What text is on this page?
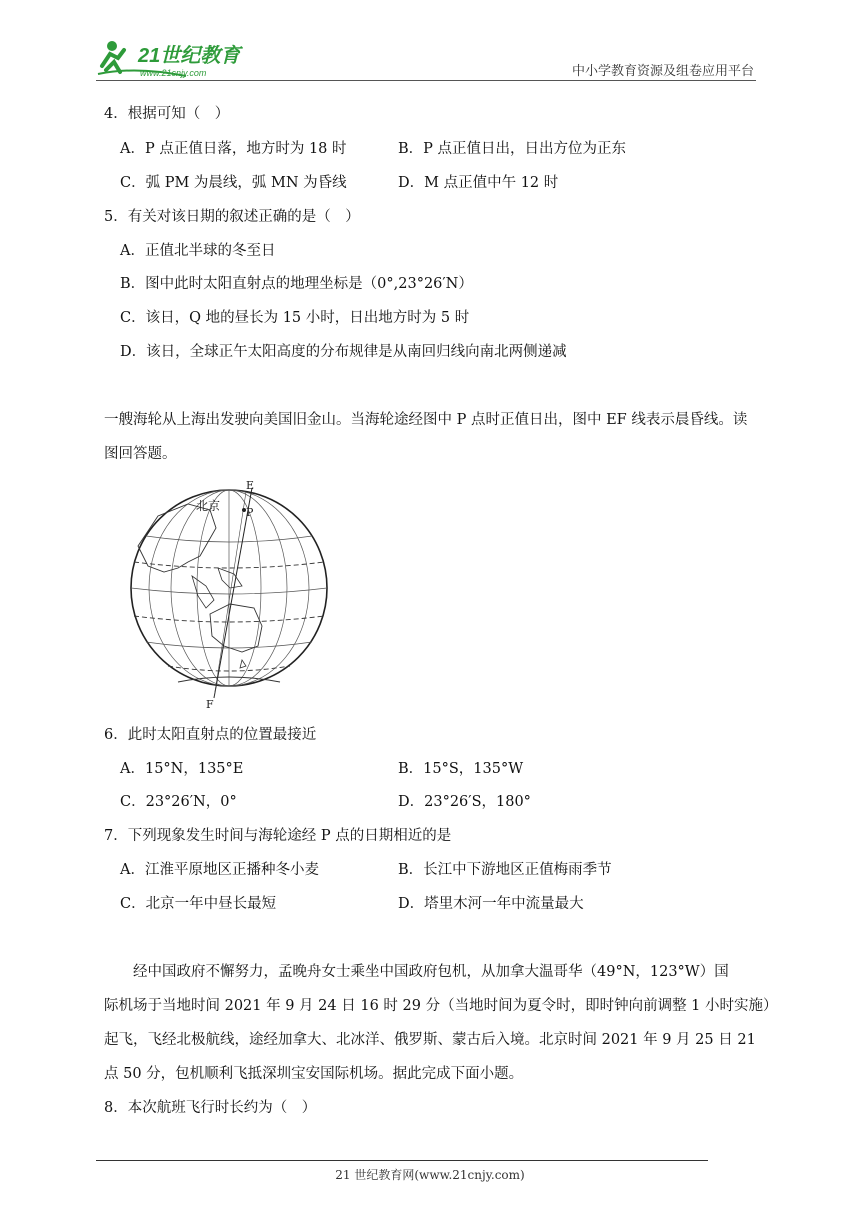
21世纪教育
www.21cnjy.com	中小学教育资源及组卷应用平台
4．根据可知（　）
A．P 点正值日落，地方时为 18 时	B．P 点正值日出，日出方位为正东
C．弧 PM 为晨线，弧 MN 为昏线	D．M 点正值中午 12 时
5．有关对该日期的叙述正确的是（　）
A．正值北半球的冬至日
B．图中此时太阳直射点的地理坐标是（0°,23°26′N）
C．该日，Q 地的昼长为 15 小时，日出地方时为 5 时
D．该日，全球正午太阳高度的分布规律是从南回归线向南北两侧递减
一艘海轮从上海出发驶向美国旧金山。当海轮途经图中 P 点时正值日出，图中 EF 线表示晨昏线。读
图回答题。
北京
E
P
F
6．此时太阳直射点的位置最接近
A．15°N，135°E	B．15°S，135°W
C．23°26′N，0°	D．23°26′S，180°
7．下列现象发生时间与海轮途经 P 点的日期相近的是
A．江淮平原地区正播种冬小麦	B．长江中下游地区正值梅雨季节
C．北京一年中昼长最短	D．塔里木河一年中流量最大
　　经中国政府不懈努力，孟晚舟女士乘坐中国政府包机，从加拿大温哥华（49°N，123°W）国
际机场于当地时间 2021 年 9 月 24 日 16 时 29 分（当地时间为夏令时，即时钟向前调整 1 小时实施）
起飞，飞经北极航线，途经加拿大、北冰洋、俄罗斯、蒙古后入境。北京时间 2021 年 9 月 25 日 21
点 50 分，包机顺利飞抵深圳宝安国际机场。据此完成下面小题。
8．本次航班飞行时长约为（　）
21 世纪教育网(www.21cnjy.com)
